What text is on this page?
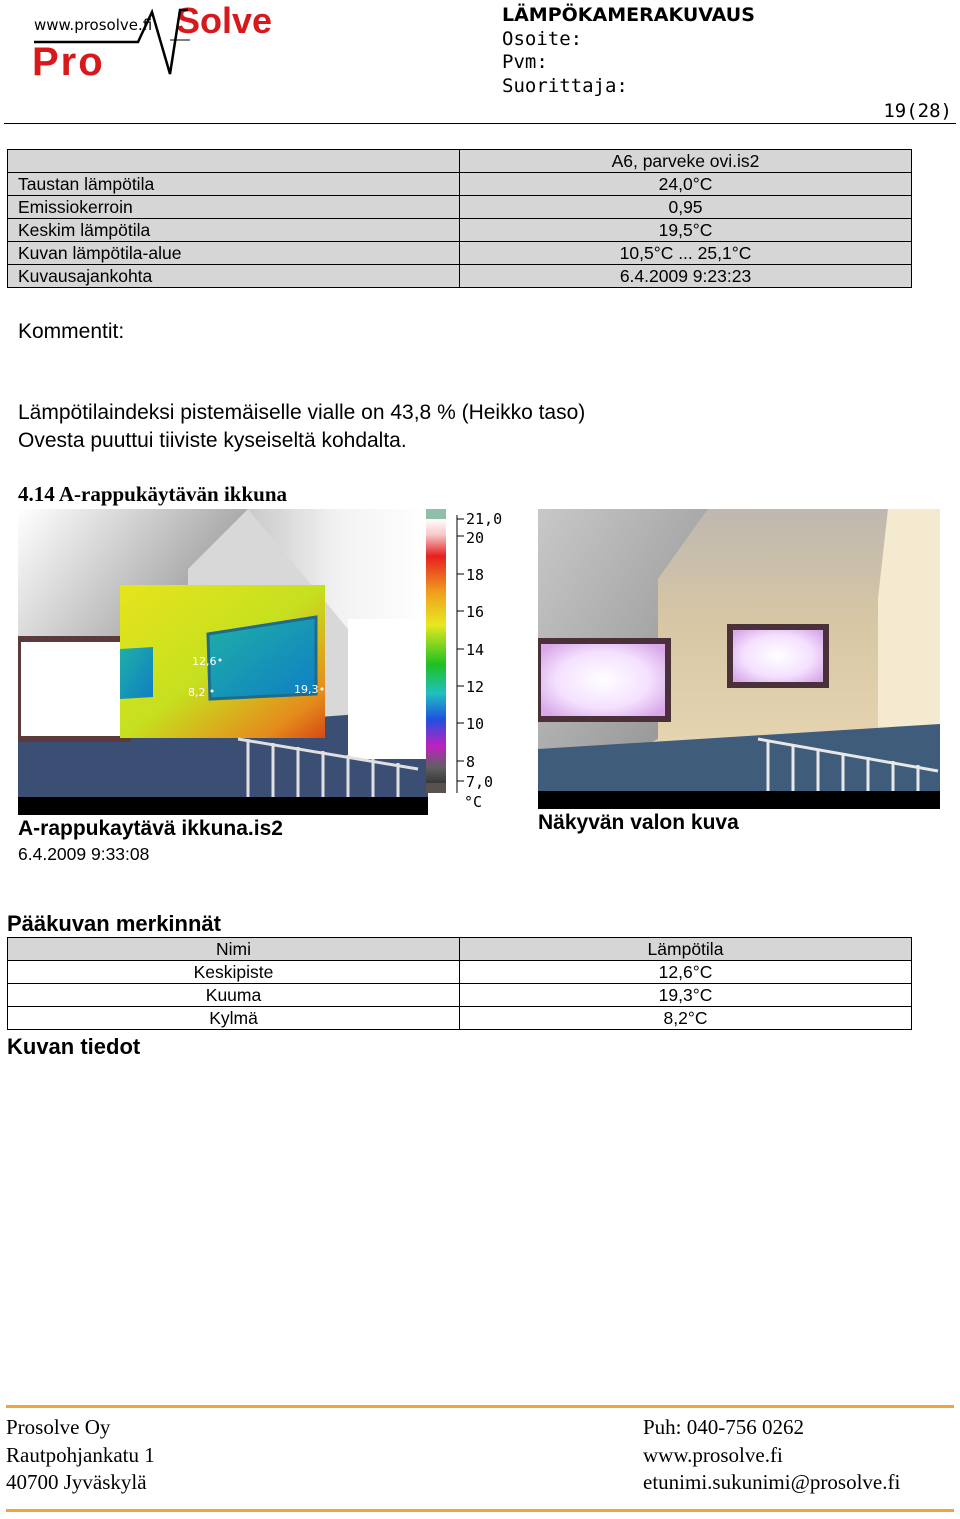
www.prosolve.fi
Pro
Solve	LÄMPÖKAMERAKUVAUS
Osoite:
Pvm:
Suorittaja:
19(28)
	A6, parveke ovi.is2
Taustan lämpötila	24,0°C
Emissiokerroin	0,95
Keskim lämpötila	19,5°C
Kuvan lämpötila-alue	10,5°C ... 25,1°C
Kuvausajankohta	6.4.2009 9:23:23
Kommentit:
Lämpötilaindeksi pistemäiselle vialle on 43,8 % (Heikko taso)
Ovesta puuttui tiiviste kyseiseltä kohdalta.
4.14 A-rappukäytävän ikkuna
12,6
8,2	19,3
21,0
20
18
16
14
12
10
8
7,0
°C
A-rappukaytävä ikkuna.is2
6.4.2009 9:33:08
Näkyvän valon kuva
Pääkuvan merkinnät
Nimi	Lämpötila
Keskipiste	12,6°C
Kuuma	19,3°C
Kylmä	8,2°C
Kuvan tiedot
Prosolve Oy
Rautpohjankatu 1
40700 Jyväskylä
Puh: 040-756 0262
www.prosolve.fi
etunimi.sukunimi@prosolve.fi
